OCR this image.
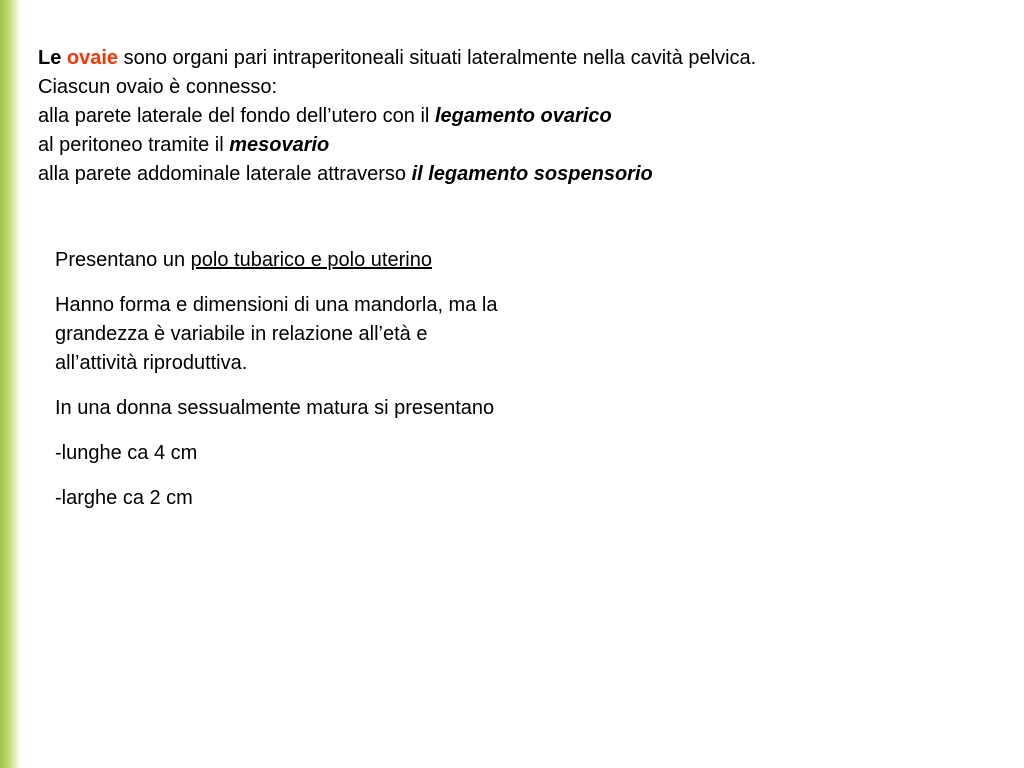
Le ovaie sono organi pari intraperitoneali situati lateralmente nella cavità pelvica.
Ciascun ovaio è connesso:
alla parete laterale del fondo dell’utero con il legamento ovarico
al peritoneo tramite il mesovario
alla parete addominale laterale attraverso il legamento sospensorio

Presentano un polo tubarico e polo uterino

Hanno forma e dimensioni di una mandorla, ma la grandezza è variabile in relazione all’età e all’attività riproduttiva.

In una donna sessualmente matura si presentano

-lunghe ca 4 cm

-larghe ca 2 cm
